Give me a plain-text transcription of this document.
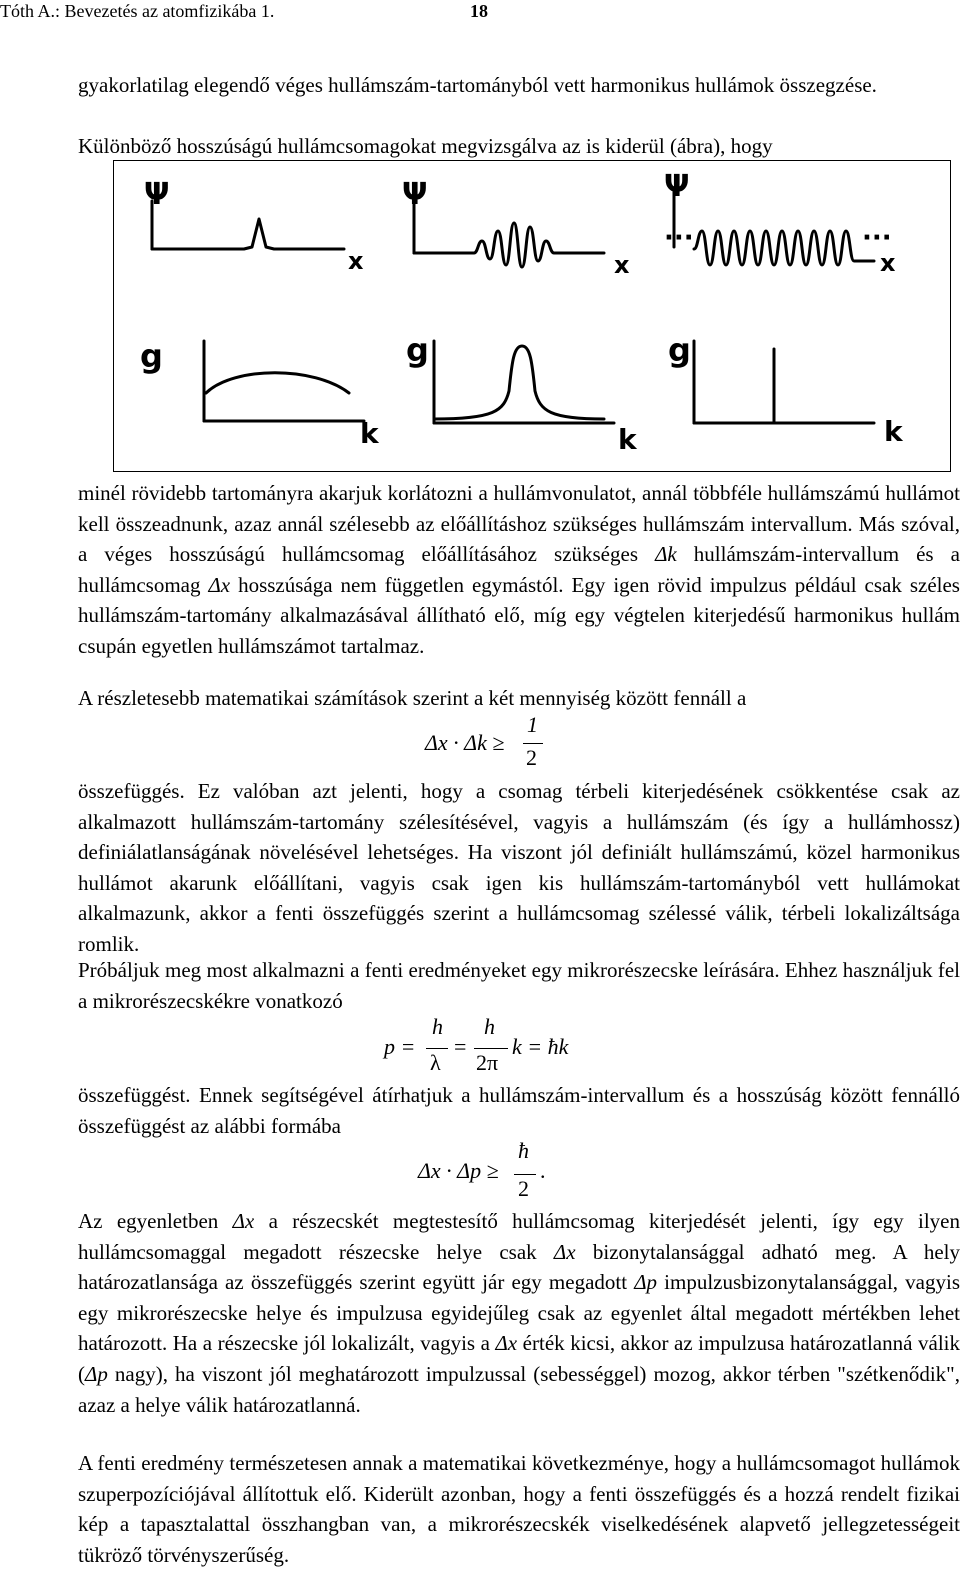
Tóth A.: Bevezetés az atomfizikába 1.	18
gyakorlatilag elegendő véges hullámszám-tartományból vett harmonikus hullámok összegzése.
Különböző hosszúságú hullámcsomagokat megvizsgálva az is kiderül (ábra), hogy
Ψ	Ψ	Ψ
x	x	x
···	···
g	g	g
k	k	k
minél rövidebb tartományra akarjuk korlátozni a hullámvonulatot, annál többféle hullámszámú hullámot kell összeadnunk, azaz annál szélesebb az előállításhoz szükséges hullámszám intervallum. Más szóval, a véges hosszúságú hullámcsomag előállításához szükséges Δk hullámszám-intervallum és a hullámcsomag Δx hosszúsága nem független egymástól. Egy igen rövid impulzus például csak széles hullámszám-tartomány alkalmazásával állítható elő, míg egy végtelen kiterjedésű harmonikus hullám csupán egyetlen hullámszámot tartalmaz.
A részletesebb matematikai számítások szerint a két mennyiség között fennáll a
Δx · Δk ≥
1
2
összefüggés. Ez valóban azt jelenti, hogy a csomag térbeli kiterjedésének csökkentése csak az alkalmazott hullámszám-tartomány szélesítésével, vagyis a hullámszám (és így a hullámhossz) definiálatlanságának növelésével lehetséges. Ha viszont jól definiált hullámszámú, közel harmonikus hullámot akarunk előállítani, vagyis csak igen kis hullámszám-tartományból vett hullámokat alkalmazunk, akkor a fenti összefüggés szerint a hullámcsomag szélessé válik, térbeli lokalizáltsága romlik.
Próbáljuk meg most alkalmazni a fenti eredményeket egy mikrorészecske leírására. Ehhez használjuk fel a mikrorészecskékre vonatkozó
p =
h
λ
=
h
2π
k = ħk
összefüggést. Ennek segítségével átírhatjuk a hullámszám-intervallum és a hosszúság között fennálló összefüggést az alábbi formába
Δx · Δp ≥
ħ
2
.
Az egyenletben Δx a részecskét megtestesítő hullámcsomag kiterjedését jelenti, így egy ilyen hullámcsomaggal megadott részecske helye csak Δx bizonytalansággal adható meg. A hely határozatlansága az összefüggés szerint együtt jár egy megadott Δp impulzusbizonytalansággal, vagyis egy mikrorészecske helye és impulzusa egyidejűleg csak az egyenlet által megadott mértékben lehet határozott. Ha a részecske jól lokalizált, vagyis a Δx érték kicsi, akkor az impulzusa határozatlanná válik (Δp nagy), ha viszont jól meghatározott impulzussal (sebességgel) mozog, akkor térben "szétkenődik", azaz a helye válik határozatlanná.
A fenti eredmény természetesen annak a matematikai következménye, hogy a hullámcsomagot hullámok szuperpozíciójával állítottuk elő. Kiderült azonban, hogy a fenti összefüggés és a hozzá rendelt fizikai kép a tapasztalattal összhangban van, a mikrorészecskék viselkedésének alapvető jellegzetességeit tükröző törvényszerűség.
